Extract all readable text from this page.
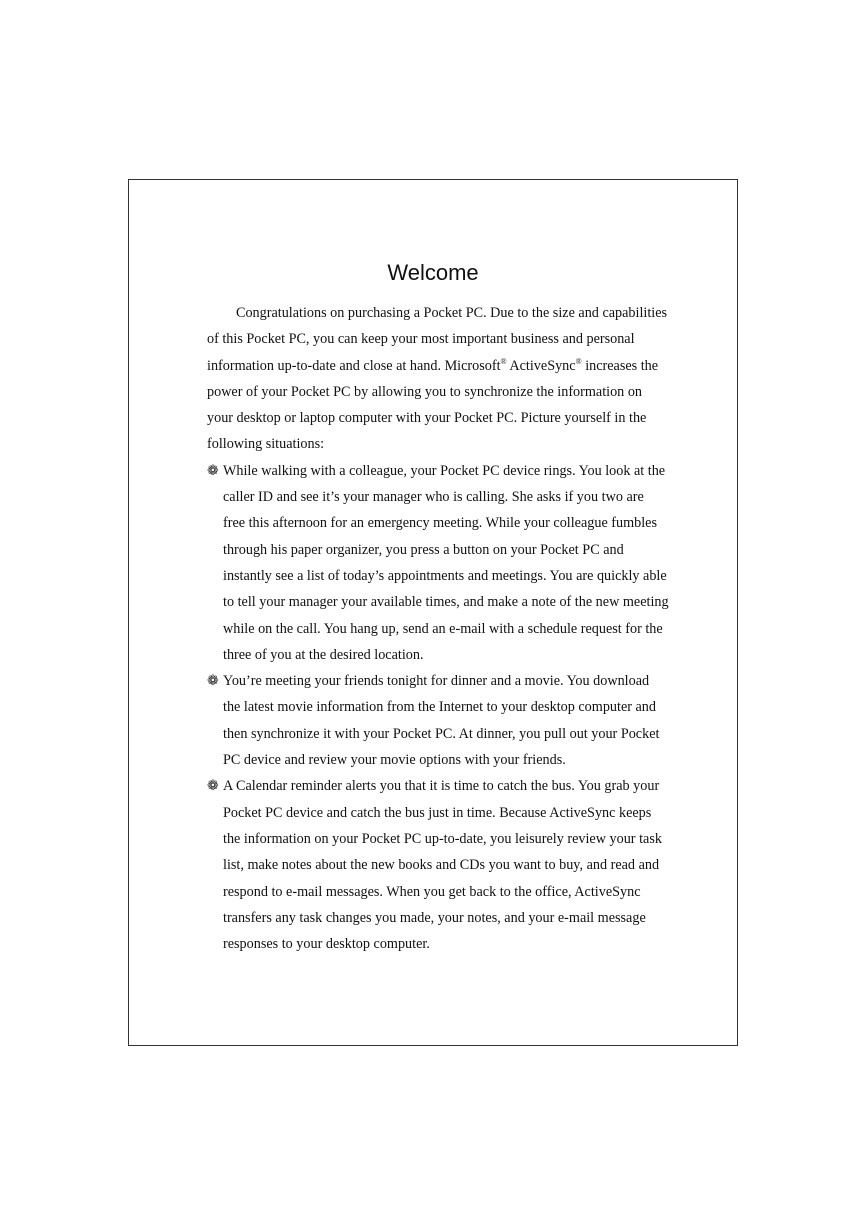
Welcome

Congratulations on purchasing a Pocket PC. Due to the size and capabilities of this Pocket PC, you can keep your most important business and personal information up-to-date and close at hand. Microsoft® ActiveSync® increases the power of your Pocket PC by allowing you to synchronize the information on your desktop or laptop computer with your Pocket PC. Picture yourself in the following situations:

❁ While walking with a colleague, your Pocket PC device rings. You look at the caller ID and see it’s your manager who is calling. She asks if you two are free this afternoon for an emergency meeting. While your colleague fumbles through his paper organizer, you press a button on your Pocket PC and instantly see a list of today’s appointments and meetings. You are quickly able to tell your manager your available times, and make a note of the new meeting while on the call. You hang up, send an e-mail with a schedule request for the three of you at the desired location.

❁ You’re meeting your friends tonight for dinner and a movie. You download the latest movie information from the Internet to your desktop computer and then synchronize it with your Pocket PC. At dinner, you pull out your Pocket PC device and review your movie options with your friends.

❁ A Calendar reminder alerts you that it is time to catch the bus. You grab your Pocket PC device and catch the bus just in time. Because ActiveSync keeps the information on your Pocket PC up-to-date, you leisurely review your task list, make notes about the new books and CDs you want to buy, and read and respond to e-mail messages. When you get back to the office, ActiveSync transfers any task changes you made, your notes, and your e-mail message responses to your desktop computer.
